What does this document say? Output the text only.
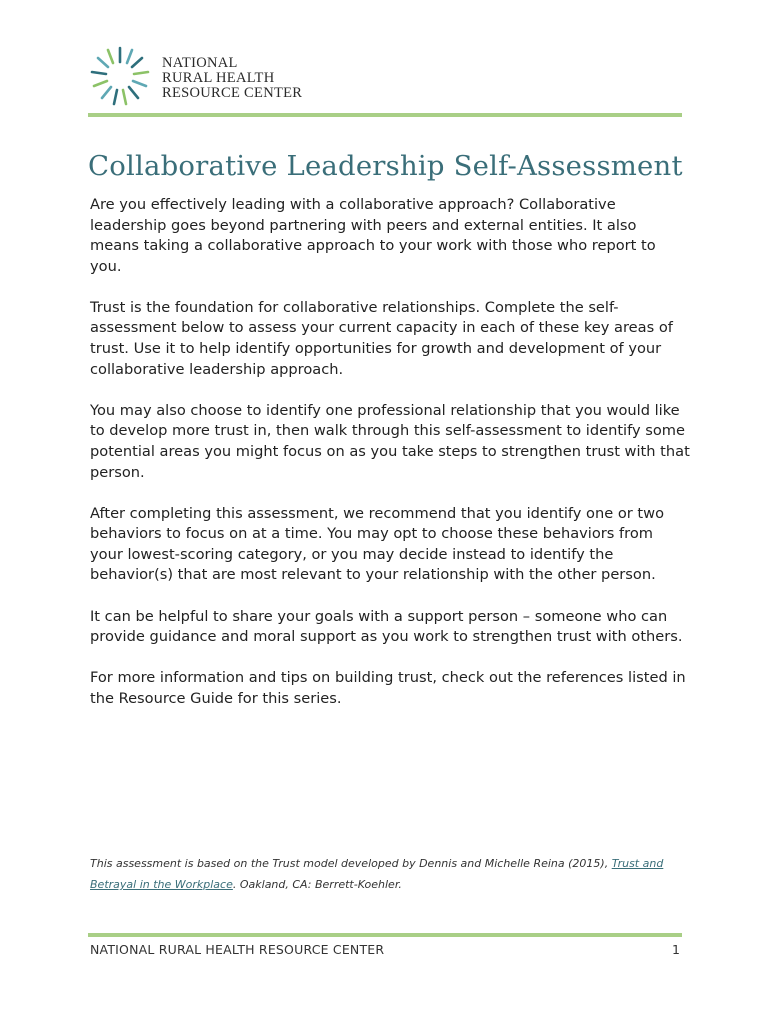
NATIONAL
RURAL HEALTH
RESOURCE CENTER
Collaborative Leadership Self-Assessment

Are you effectively leading with a collaborative approach? Collaborative leadership goes beyond partnering with peers and external entities. It also means taking a collaborative approach to your work with those who report to you.

Trust is the foundation for collaborative relationships. Complete the self-assessment below to assess your current capacity in each of these key areas of trust. Use it to help identify opportunities for growth and development of your collaborative leadership approach.

You may also choose to identify one professional relationship that you would like to develop more trust in, then walk through this self-assessment to identify some potential areas you might focus on as you take steps to strengthen trust with that person.

After completing this assessment, we recommend that you identify one or two behaviors to focus on at a time. You may opt to choose these behaviors from your lowest-scoring category, or you may decide instead to identify the behavior(s) that are most relevant to your relationship with the other person.

It can be helpful to share your goals with a support person – someone who can provide guidance and moral support as you work to strengthen trust with others.

For more information and tips on building trust, check out the references listed in the Resource Guide for this series.

This assessment is based on the Trust model developed by Dennis and Michelle Reina (2015), Trust and Betrayal in the Workplace. Oakland, CA: Berrett-Koehler.
NATIONAL RURAL HEALTH RESOURCE CENTER	1
